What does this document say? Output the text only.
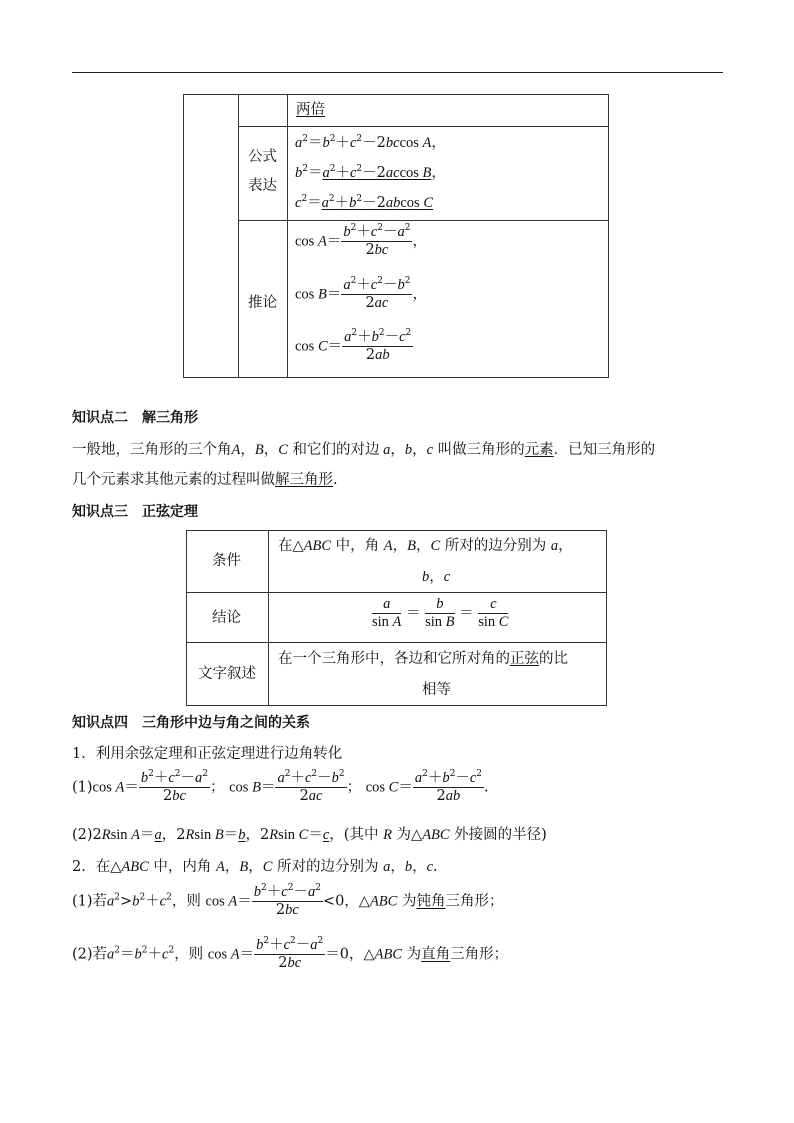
两倍
公式
表达
$a^2=b^2+c^2-2bccos$ A，
$b^2=a^2+c^2-2accos$ B，
$c^2=a^2+b^2-2abcos$ C
推论
$\cos A= \frac{b^2+c^2-a^2}{2bc}$ ，
$\cos B= \frac{a^2+c^2-b^2}{2ac}$ ，
$\cos C= \frac{a^2+b^2-c^2}{2ab}$
知识点二　解三角形
一般地，三角形的三个角A，B，C 和它们的对边 a，b，c 叫做三角形的元素．已知三角形的
几个元素求其他元素的过程叫做解三角形.
知识点三　正弦定理
条件
在△ABC 中，角 A，B，C 所对的边分别为 a，
b，c
结论	$\frac{a}{\text{sin A}} = \frac{b}{\text{sin B}} = \frac{c}{\text{sin C}}$
文字叙述
在一个三角形中，各边和它所对角的正弦的比
相等
知识点四　三角形中边与角之间的关系
1．利用余弦定理和正弦定理进行边角转化
(1)cos $A= \frac{b^2+c^2-a^2}{2bc}$ ； $\cos B= \frac{a^2+c^2-b^2}{2ac}$ ； $\cos C= \frac{a^2+b^2-c^2}{2ab}$ .
(2)2Rsin A＝a，2Rsin B＝b，2Rsin C＝c，(其中 R 为△ABC 外接圆的半径)
2．在△ABC 中，内角 A，B，C 所对的边分别为 a，b，c.
(1)若$a^2>b^2+c^2$，则 $\cos A= \frac{b^2+c^2-a^2}{2bc} <0$，△ABC 为钝角三角形；
(2)若$a^2=b^2+c^2$，则 $\cos A= \frac{b^2+c^2-a^2}{2bc} =0$，△ABC 为直角三角形；
